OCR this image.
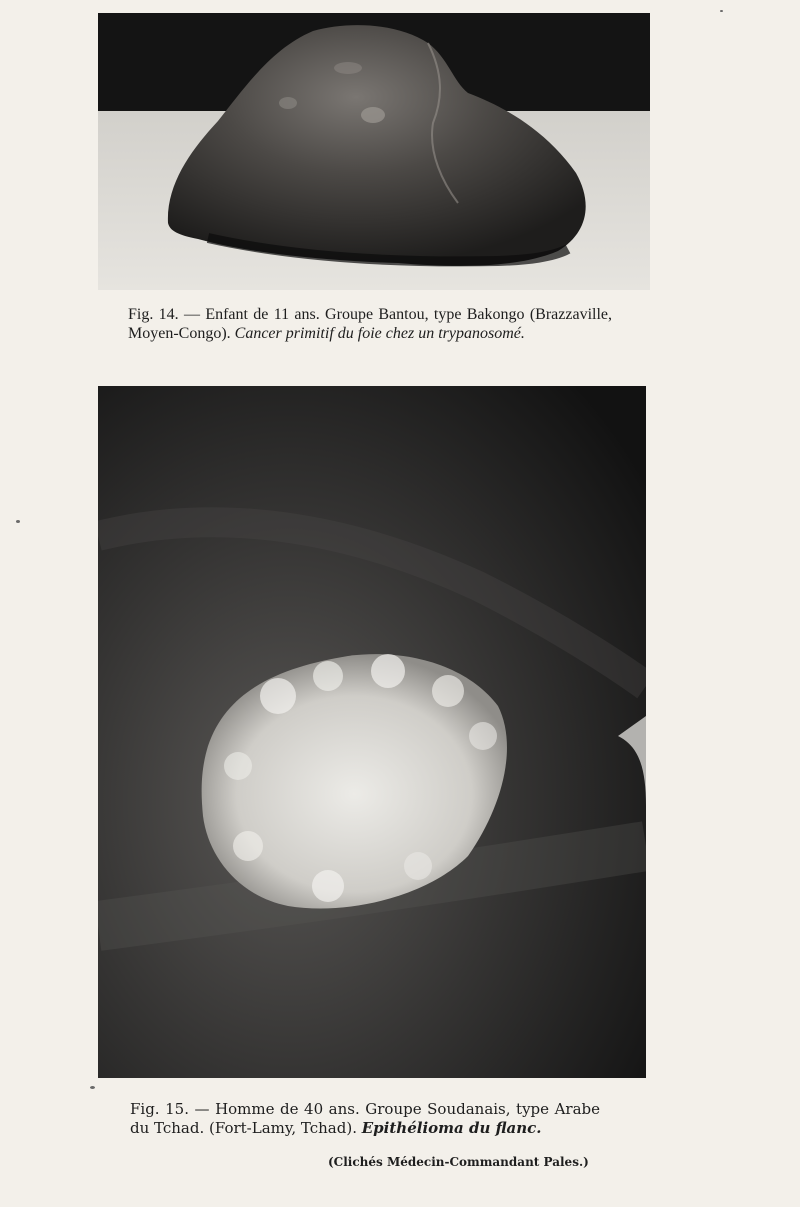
Fig. 14. — Enfant de 11 ans. Groupe Bantou, type Bakongo (Brazzaville, Moyen-Congo). Cancer primitif du foie chez un trypanosomé.

Fig. 15. — Homme de 40 ans. Groupe Soudanais, type Arabe du Tchad. (Fort-Lamy, Tchad). Epithélioma du flanc.

(Clichés Médecin-Commandant Pales.)
